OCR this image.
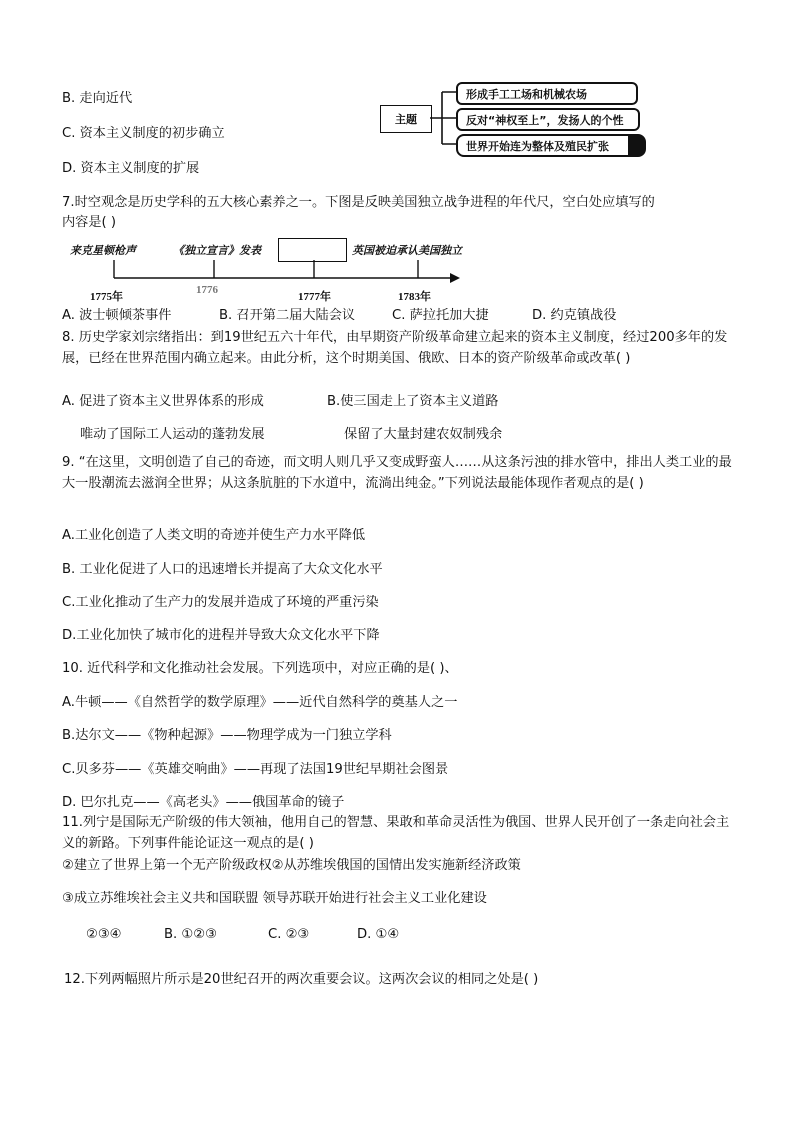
B. 走向近代
C. 资本主义制度的初步确立
D. 资本主义制度的扩展
主题
形成手工工场和机械农场
反对“神权至上”，发扬人的个性
世界开始连为整体及殖民扩张
7.时空观念是历史学科的五大核心素养之一。下图是反映美国独立战争进程的年代尺，空白处应填写的
内容是( )
来克星顿枪声	《独立宣言》发表	英国被迫承认美国独立
1775年
1776
1777年	1783年
A. 波士顿倾茶事件	B. 召开第二届大陆会议	C. 萨拉托加大捷	D. 约克镇战役
8. 历史学家刘宗绪指出：到19世纪五六十年代，由早期资产阶级革命建立起来的资本主义制度，经过200多年的发展，已经在世界范围内确立起来。由此分析，这个时期美国、俄欧、日本的资产阶级革命或改革( )
A. 促进了资本主义世界体系的形成	B.使三国走上了资本主义道路
唯动了国际工人运动的蓬勃发展	保留了大量封建农奴制残余
9. “在这里，文明创造了自己的奇迹，而文明人则几乎又变成野蛮人……从这条污浊的排水管中，排出人类工业的最大一股潮流去滋润全世界；从这条肮脏的下水道中，流淌出纯金。”下列说法最能体现作者观点的是( )
A.工业化创造了人类文明的奇迹并使生产力水平降低
B. 工业化促进了人口的迅速增长并提高了大众文化水平
C.工业化推动了生产力的发展并造成了环境的严重污染
D.工业化加快了城市化的进程并导致大众文化水平下降
10. 近代科学和文化推动社会发展。下列选项中，对应正确的是( )、
A.牛顿——《自然哲学的数学原理》——近代自然科学的奠基人之一
B.达尔文——《物种起源》——物理学成为一门独立学科
C.贝多芬——《英雄交响曲》——再现了法国19世纪早期社会图景
D. 巴尔扎克——《高老头》——俄国革命的镜子
11.列宁是国际无产阶级的伟大领袖，他用自己的智慧、果敢和革命灵活性为俄国、世界人民开创了一条走向社会主义的新路。下列事件能论证这一观点的是( )
②建立了世界上第一个无产阶级政权②从苏维埃俄国的国情出发实施新经济政策
③成立苏维埃社会主义共和国联盟 领导苏联开始进行社会主义工业化建设
②③④	B. ①②③	C. ②③	D. ①④
12.下列两幅照片所示是20世纪召开的两次重要会议。这两次会议的相同之处是( )
